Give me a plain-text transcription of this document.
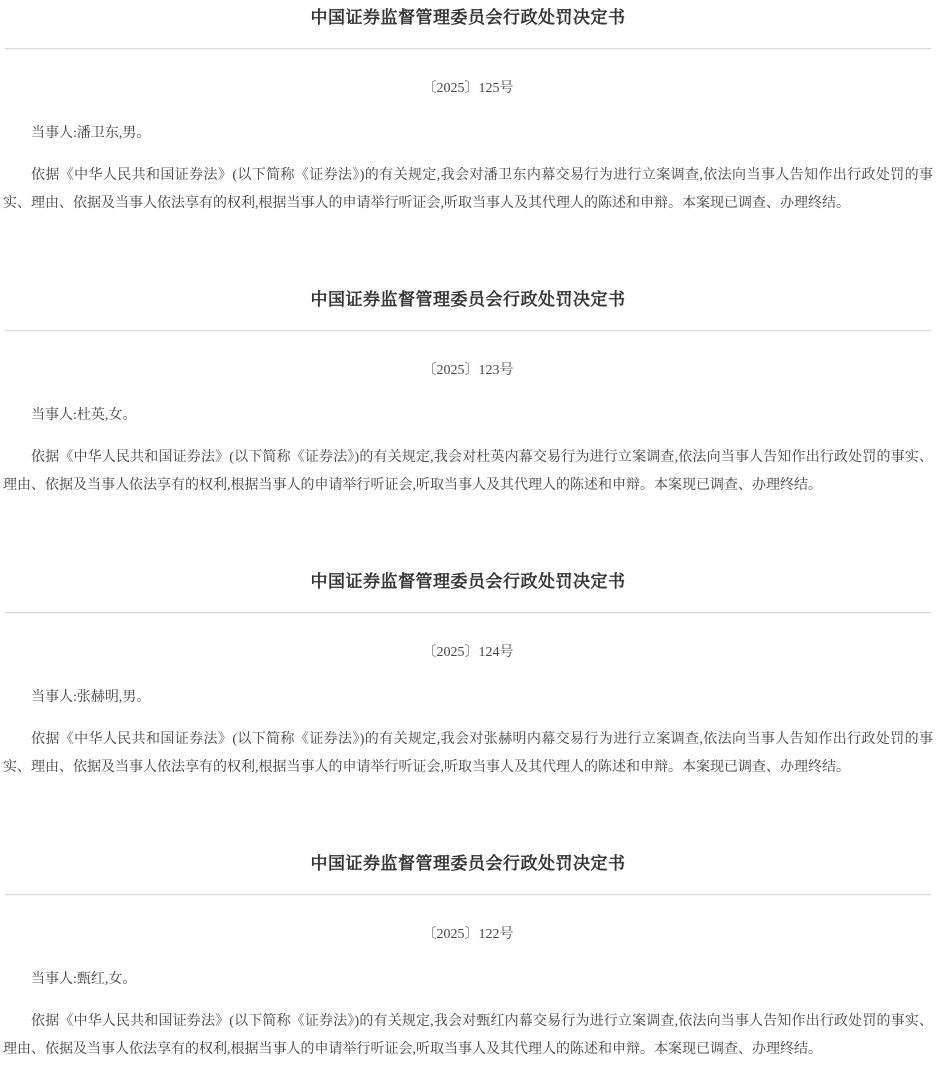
中国证券监督管理委员会行政处罚决定书

〔2025〕125号

当事人:潘卫东,男。

依据《中华人民共和国证券法》(以下简称《证券法》)的有关规定,我会对潘卫东内幕交易行为进行立案调查,依法向当事人告知作出行政处罚的事实、理由、依据及当事人依法享有的权利,根据当事人的申请举行听证会,听取当事人及其代理人的陈述和申辩。本案现已调查、办理终结。

中国证券监督管理委员会行政处罚决定书

〔2025〕123号

当事人:杜英,女。

依据《中华人民共和国证券法》(以下简称《证券法》)的有关规定,我会对杜英内幕交易行为进行立案调查,依法向当事人告知作出行政处罚的事实、理由、依据及当事人依法享有的权利,根据当事人的申请举行听证会,听取当事人及其代理人的陈述和申辩。本案现已调查、办理终结。

中国证券监督管理委员会行政处罚决定书

〔2025〕124号

当事人:张赫明,男。

依据《中华人民共和国证券法》(以下简称《证券法》)的有关规定,我会对张赫明内幕交易行为进行立案调查,依法向当事人告知作出行政处罚的事实、理由、依据及当事人依法享有的权利,根据当事人的申请举行听证会,听取当事人及其代理人的陈述和申辩。本案现已调查、办理终结。

中国证券监督管理委员会行政处罚决定书

〔2025〕122号

当事人:甄红,女。

依据《中华人民共和国证券法》(以下简称《证券法》)的有关规定,我会对甄红内幕交易行为进行立案调查,依法向当事人告知作出行政处罚的事实、理由、依据及当事人依法享有的权利,根据当事人的申请举行听证会,听取当事人及其代理人的陈述和申辩。本案现已调查、办理终结。
